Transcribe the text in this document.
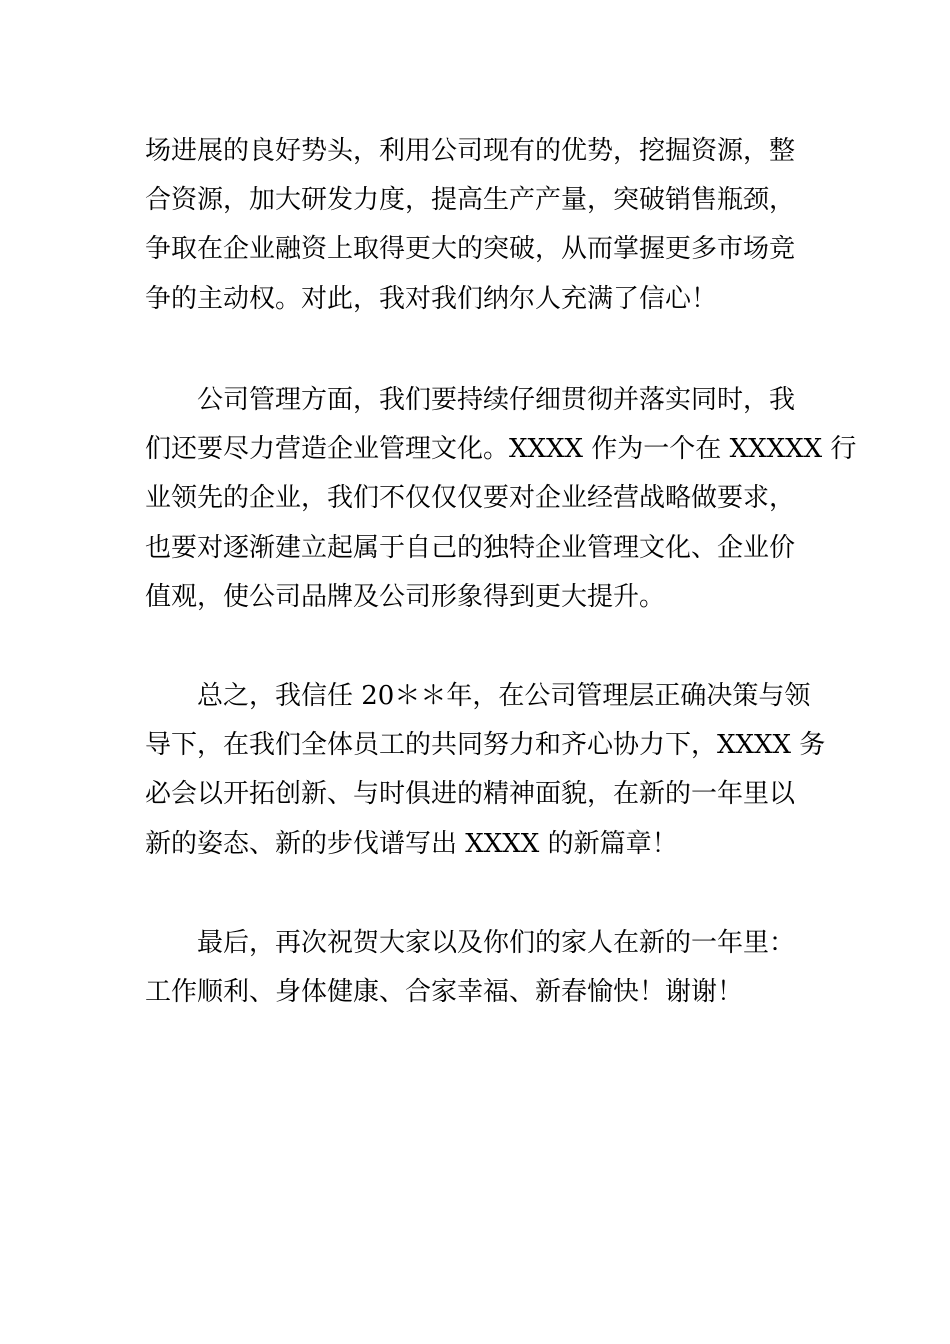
场进展的良好势头，利用公司现有的优势，挖掘资源，整
合资源，加大研发力度，提高生产产量，突破销售瓶颈，
争取在企业融资上取得更大的突破，从而掌握更多市场竞
争的主动权。对此，我对我们纳尔人充满了信心！
公司管理方面，我们要持续仔细贯彻并落实同时，我
们还要尽力营造企业管理文化。XXXX 作为一个在 XXXXX 行
业领先的企业，我们不仅仅仅要对企业经营战略做要求，
也要对逐渐建立起属于自己的独特企业管理文化、企业价
值观，使公司品牌及公司形象得到更大提升。
总之，我信任 20＊＊年，在公司管理层正确决策与领
导下，在我们全体员工的共同努力和齐心协力下，XXXX 务
必会以开拓创新、与时俱进的精神面貌，在新的一年里以
新的姿态、新的步伐谱写出 XXXX 的新篇章！
最后，再次祝贺大家以及你们的家人在新的一年里：
工作顺利、身体健康、合家幸福、新春愉快！谢谢！
